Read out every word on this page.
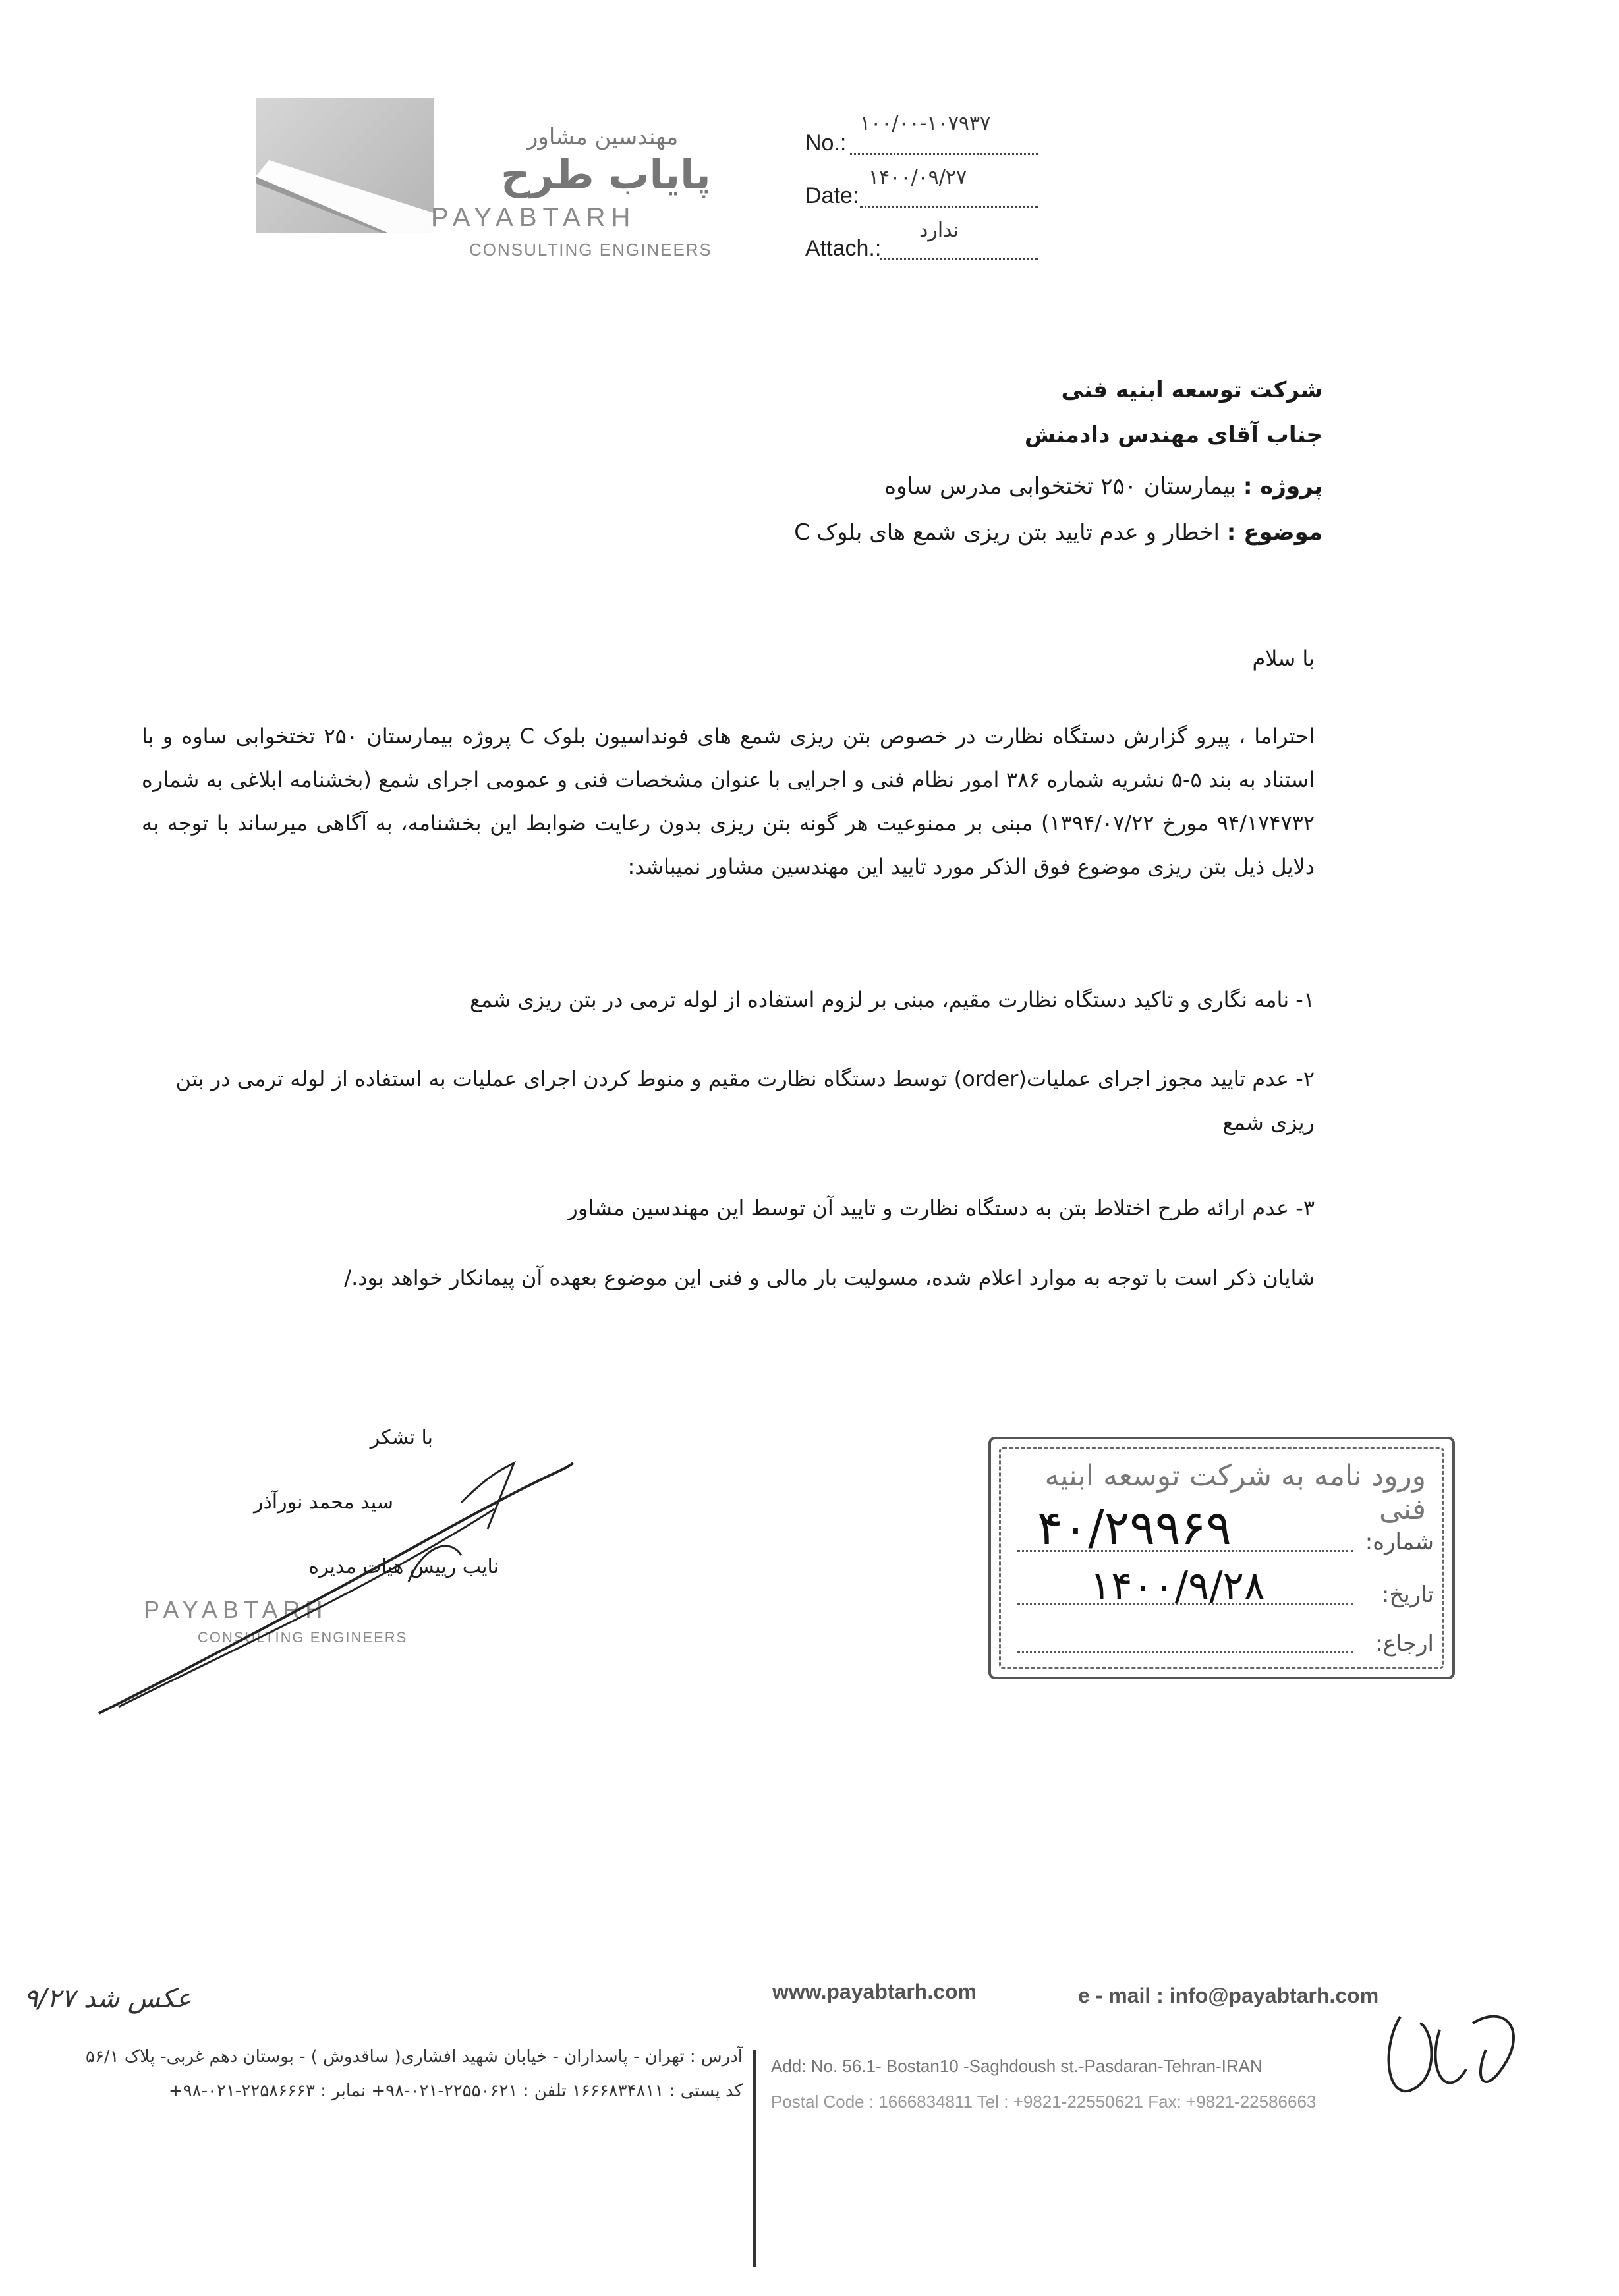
مهندسین مشاور
پایاب طرح
PAYABTARH
CONSULTING ENGINEERS
No.:
۱۰۰/۰۰-۱۰۷۹۳۷
Date:
۱۴۰۰/۰۹/۲۷
Attach.:
ندارد
شرکت توسعه ابنیه فنی
جناب آقای مهندس دادمنش
پروژه : بیمارستان ۲۵۰ تختخوابی مدرس ساوه
موضوع : اخطار و عدم تایید بتن ریزی شمع های بلوک C
با سلام
احتراما ، پیرو گزارش دستگاه نظارت در خصوص بتن ریزی شمع های فونداسیون بلوک C پروژه بیمارستان ۲۵۰ تختخوابی ساوه و با استناد به بند ۵-۵ نشریه شماره ۳۸۶ امور نظام فنی و اجرایی با عنوان مشخصات فنی و عمومی اجرای شمع (بخشنامه ابلاغی به شماره ۹۴/۱۷۴۷۳۲ مورخ ۱۳۹۴/۰۷/۲۲) مبنی بر ممنوعیت هر گونه بتن ریزی بدون رعایت ضوابط این بخشنامه، به آگاهی میرساند با توجه به دلایل ذیل بتن ریزی موضوع فوق الذکر مورد تایید این مهندسین مشاور نمیباشد:
۱- نامه نگاری و تاکید دستگاه نظارت مقیم، مبنی بر لزوم استفاده از لوله ترمی در بتن ریزی شمع
۲- عدم تایید مجوز اجرای عملیات(order) توسط دستگاه نظارت مقیم و منوط کردن اجرای عملیات به استفاده از لوله ترمی در بتن ریزی شمع
۳- عدم ارائه طرح اختلاط بتن به دستگاه نظارت و تایید آن توسط این مهندسین مشاور
شایان ذکر است با توجه به موارد اعلام شده، مسولیت بار مالی و فنی این موضوع بعهده آن پیمانکار خواهد بود./
با تشکر
سید محمد نورآذر
نایب رییس هیات مدیره
PAYABTARH
CONSULTING ENGINEERS
ورود نامه به شرکت توسعه ابنیه فنی
شماره:
۴۰/۲۹۹۶۹
تاریخ:
۱۴۰۰/۹/۲۸
ارجاع:
عکس شد ۹/۲۷	www.payabtarh.com	e - mail : info@payabtarh.com
آدرس : تهران - پاسداران - خیابان شهید افشاری( ساقدوش ) - بوستان دهم غربی- پلاک ۵۶/۱
کد پستی : ۱۶۶۶۸۳۴۸۱۱ تلفن : ۲۲۵۵۰۶۲۱-۰۲۱-۹۸+ نمابر : ۲۲۵۸۶۶۶۳-۰۲۱-۹۸+
Add: No. 56.1- Bostan10 -Saghdoush st.-Pasdaran-Tehran-IRAN
Postal Code : 1666834811 Tel : +9821-22550621 Fax: +9821-22586663
